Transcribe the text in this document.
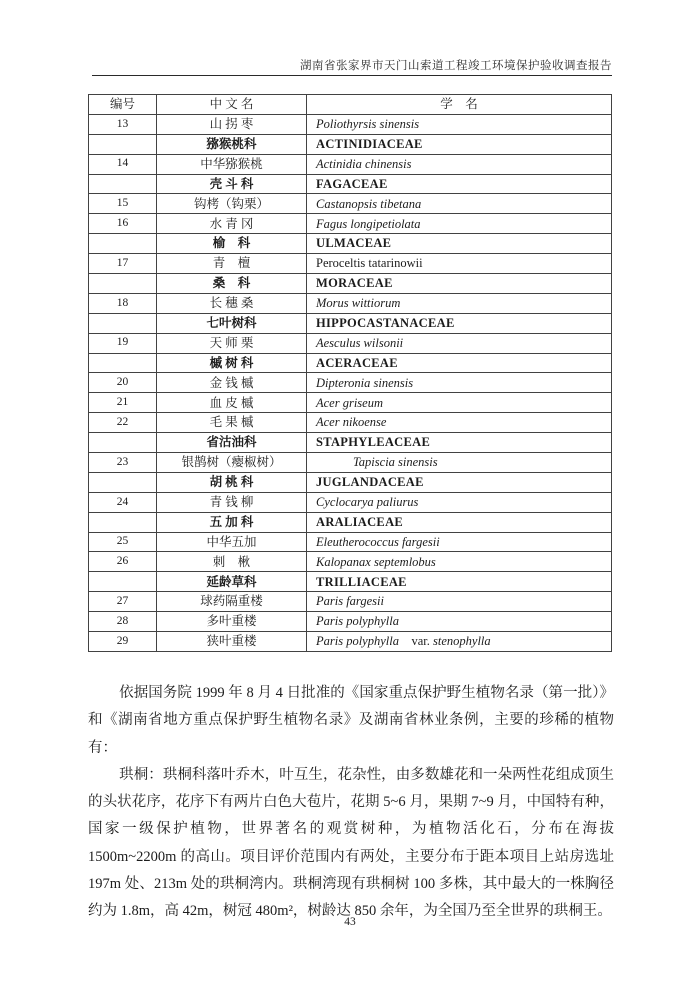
湖南省张家界市天门山索道工程竣工环境保护验收调查报告
编号	中 文 名	学　名
13	山 拐 枣	Poliothyrsis sinensis
	猕猴桃科	ACTINIDIACEAE
14	中华猕猴桃	Actinidia chinensis
	壳 斗 科	FAGACEAE
15	钩栲（钩栗）	Castanopsis tibetana
16	水 青 冈	Fagus longipetiolata
	榆　科	ULMACEAE
17	青　檀	Peroceltis tatarinowii
	桑　科	MORACEAE
18	长 穗 桑	Morus wittiorum
	七叶树科	HIPPOCASTANACEAE
19	天 师 栗	Aesculus wilsonii
	槭 树 科	ACERACEAE
20	金 钱 槭	Dipteronia sinensis
21	血 皮 槭	Acer griseum
22	毛 果 槭	Acer nikoense
	省沽油科	STAPHYLEACEAE
23	银鹊树（瘿椒树）	Tapiscia sinensis
	胡 桃 科	JUGLANDACEAE
24	青 钱 柳	Cyclocarya paliurus
	五 加 科	ARALIACEAE
25	中华五加	Eleutherococcus fargesii
26	刺　楸	Kalopanax septemlobus
	延龄草科	TRILLIACEAE
27	球药隔重楼	Paris fargesii
28	多叶重楼	Paris polyphylla
29	狭叶重楼	Paris polyphylla　var. stenophylla

依据国务院 1999 年 8 月 4 日批准的《国家重点保护野生植物名录（第一批）》和《湖南省地方重点保护野生植物名录》及湖南省林业条例，主要的珍稀的植物有：

珙桐：珙桐科落叶乔木，叶互生，花杂性，由多数雄花和一朵两性花组成顶生的头状花序，花序下有两片白色大苞片，花期 5~6 月，果期 7~9 月，中国特有种，国家一级保护植物，世界著名的观赏树种，为植物活化石，分布在海拔 1500m~2200m 的高山。项目评价范围内有两处，主要分布于距本项目上站房选址 197m 处、213m 处的珙桐湾内。珙桐湾现有珙桐树 100 多株，其中最大的一株胸径约为 1.8m，高 42m，树冠 480m²，树龄达 850 余年，为全国乃至全世界的珙桐王。

43
